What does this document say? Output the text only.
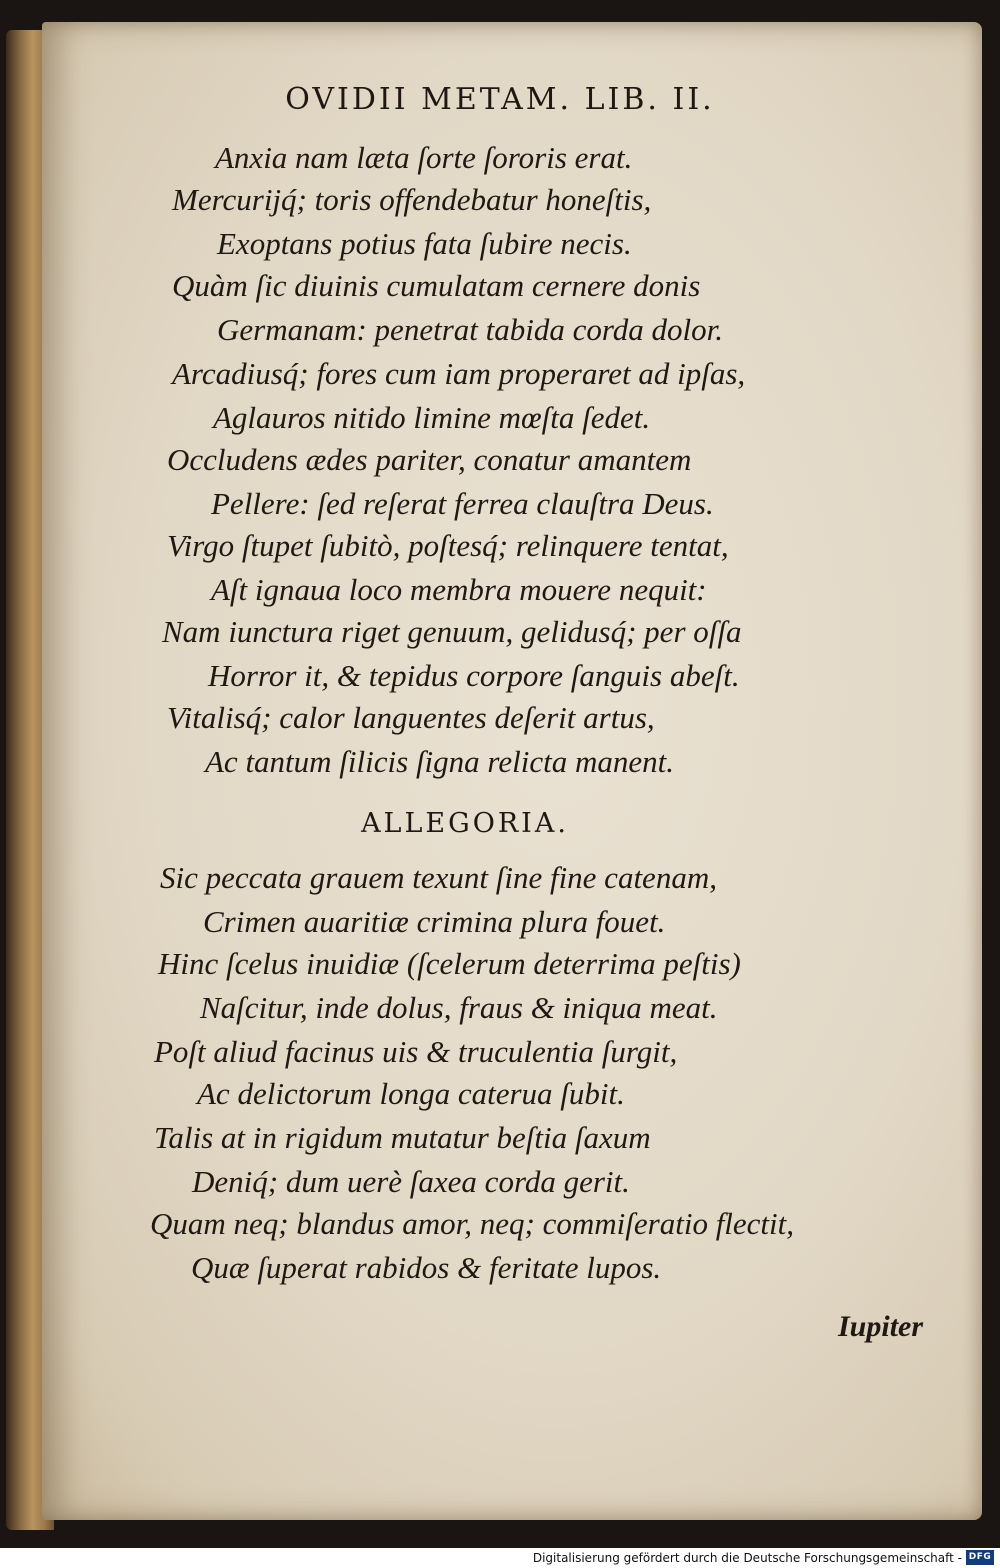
OVIDII METAM. LIB. II.
Anxia nam læta ſorte ſororis erat.
Mercurijq́; toris offendebatur honeſtis,
Exoptans potius fata ſubire necis.
Quàm ſic diuinis cumulatam cernere donis
Germanam: penetrat tabida corda dolor.
Arcadiusq́; fores cum iam properaret ad ipſas,
Aglauros nitido limine mœſta ſedet.
Occludens ædes pariter, conatur amantem
Pellere: ſed reſerat ferrea clauſtra Deus.
Virgo ſtupet ſubitò, poſtesq́; relinquere tentat,
Aſt ignaua loco membra mouere nequit:
Nam iunctura riget genuum, gelidusq́; per oſſa
Horror it, & tepidus corpore ſanguis abeſt.
Vitalisq́; calor languentes deſerit artus,
Ac tantum ſilicis ſigna relicta manent.
ALLEGORIA.
Sic peccata grauem texunt ſine fine catenam,
Crimen auaritiæ crimina plura fouet.
Hinc ſcelus inuidiæ (ſcelerum deterrima peſtis)
Naſcitur, inde dolus, fraus & iniqua meat.
Poſt aliud facinus uis & truculentia ſurgit,
Ac delictorum longa caterua ſubit.
Talis at in rigidum mutatur beſtia ſaxum
Deniq́; dum uerè ſaxea corda gerit.
Quam neq; blandus amor, neq; commiſeratio flectit,
Quæ ſuperat rabidos & feritate lupos.
Iupiter
Digitalisierung gefördert durch die Deutsche Forschungsgemeinschaft - DFG
